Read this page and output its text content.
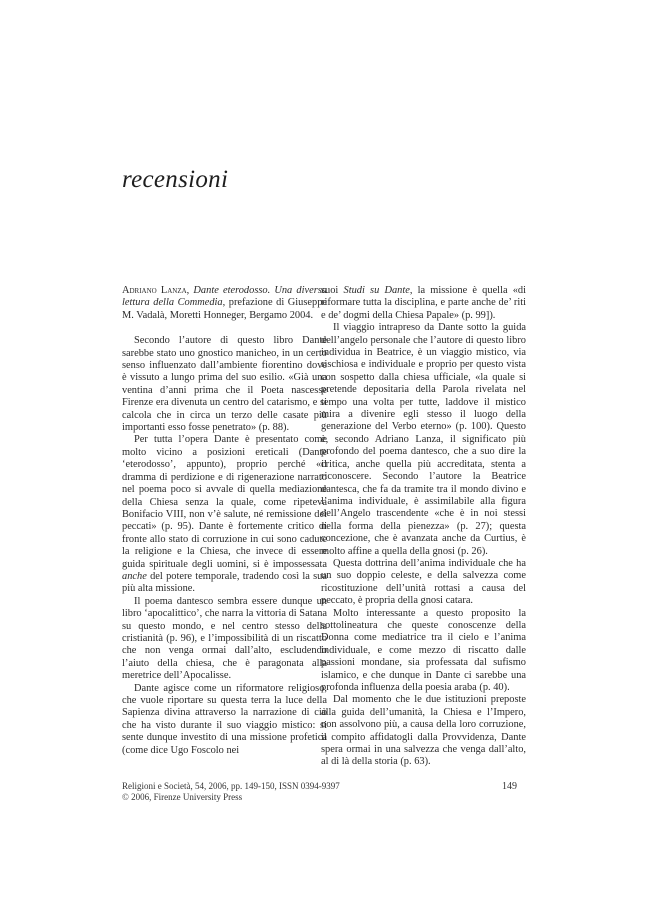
recensioni

Adriano Lanza, Dante eterodosso. Una diversa lettura della Commedia, prefazione di Giuseppe M. Vadalà, Moretti Honneger, Bergamo 2004.

Secondo l’autore di questo libro Dante sarebbe stato uno gnostico manicheo, in un certo senso influenzato dall’ambiente fiorentino dove è vissuto a lungo prima del suo esilio. «Già una ventina d’anni prima che il Poeta nascesse Firenze era divenuta un centro del catarismo, e si calcola che in circa un terzo delle casate più importanti esso fosse penetrato» (p. 88).

Per tutta l’opera Dante è presentato come molto vicino a posizioni ereticali (Dante ‘eterodosso’, appunto), proprio perché «il dramma di perdizione e di rigenerazione narrato nel poema poco si avvale di quella mediazione della Chiesa senza la quale, come ripeteva Bonifacio VIII, non v’è salute, né remissione dei peccati» (p. 95). Dante è fortemente critico di fronte allo stato di corruzione in cui sono cadute la religione e la Chiesa, che invece di essere guida spirituale degli uomini, si è impossessata anche del potere temporale, tradendo così la sua più alta missione.

Il poema dantesco sembra essere dunque un libro ‘apocalittico’, che narra la vittoria di Satana su questo mondo, e nel centro stesso della cristianità (p. 96), e l’impossibilità di un riscatto che non venga ormai dall’alto, escludendo l’aiuto della chiesa, che è paragonata alla meretrice dell’Apocalisse.

Dante agisce come un riformatore religioso, che vuole riportare su questa terra la luce della Sapienza divina attraverso la narrazione di ciò che ha visto durante il suo viaggio mistico: si sente dunque investito di una missione profetica (come dice Ugo Foscolo nei

suoi Studi su Dante, la missione è quella «di riformare tutta la disciplina, e parte anche de’ riti e de’ dogmi della Chiesa Papale» (p. 99]).

Il viaggio intrapreso da Dante sotto la guida dell’angelo personale che l’autore di questo libro individua in Beatrice, è un viaggio mistico, via rischiosa e individuale e proprio per questo vista con sospetto dalla chiesa ufficiale, «la quale si pretende depositaria della Parola rivelata nel tempo una volta per tutte, laddove il mistico mira a divenire egli stesso il luogo della generazione del Verbo eterno» (p. 100). Questo è, secondo Adriano Lanza, il significato più profondo del poema dantesco, che a suo dire la critica, anche quella più accreditata, stenta a riconoscere. Secondo l’autore la Beatrice dantesca, che fa da tramite tra il mondo divino e l’anima individuale, è assimilabile alla figura dell’Angelo trascendente «che è in noi stessi nella forma della pienezza» (p. 27); questa concezione, che è avanzata anche da Curtius, è molto affine a quella della gnosi (p. 26).

Questa dottrina dell’anima individuale che ha un suo doppio celeste, e della salvezza come ricostituzione dell’unità rottasi a causa del peccato, è propria della gnosi catara.

Molto interessante a questo proposito la sottolineatura che queste conoscenze della Donna come mediatrice tra il cielo e l’anima individuale, e come mezzo di riscatto dalle passioni mondane, sia professata dal sufismo islamico, e che dunque in Dante ci sarebbe una profonda influenza della poesia araba (p. 40).

Dal momento che le due istituzioni preposte alla guida dell’umanità, la Chiesa e l’Impero, non assolvono più, a causa della loro corruzione, il compito affidatogli dalla Provvidenza, Dante spera ormai in una salvezza che venga dall’alto, al di là della storia (p. 63).

Religioni e Società, 54, 2006, pp. 149-150, ISSN 0394-9397
© 2006, Firenze University Press
149
